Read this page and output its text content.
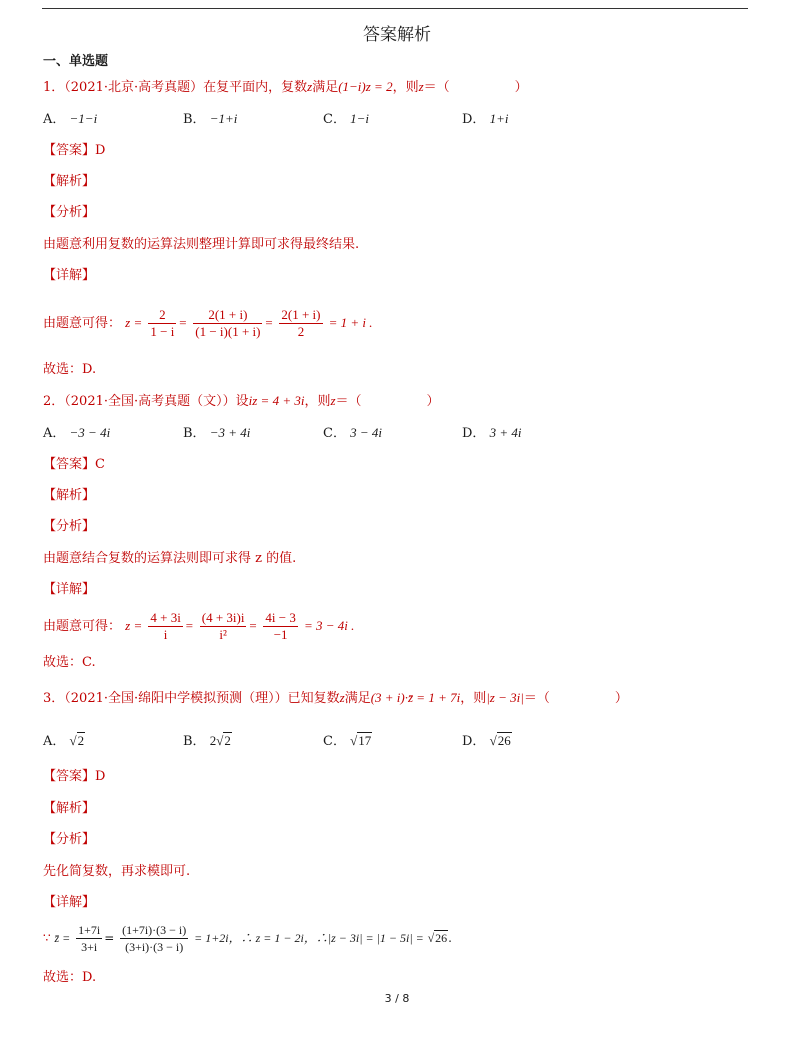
答案解析
一、单选题
1．（2021·北京·高考真题）在复平面内，复数z满足(1−i)z = 2，则z＝（　　　　　）
A． −1−i	B． −1+i	C． 1−i	D． 1+i
【答案】D
【解析】
【分析】
由题意利用复数的运算法则整理计算即可求得最终结果.
【详解】
由题意可得： $z = \frac{2}{1 - i} = \frac{2(1 + i)}{(1 - i)(1 + i)} = \frac{2(1 + i)}{2} = 1 + i$ .
故选：D.
2．（2021·全国·高考真题（文））设iz = 4 + 3i，则z＝（　　　　　）
A． −3 − 4i	B． −3 + 4i	C． 3 − 4i	D． 3 + 4i
【答案】C
【解析】
【分析】
由题意结合复数的运算法则即可求得 z 的值.
【详解】
由题意可得： $z = \frac{4 + 3i}{i} = \frac{(4 + 3i)i}{\text{i²}} = \frac{4i - 3}{-1} = 3 - 4i$ .
故选：C.
3．（2021·全国·绵阳中学模拟预测（理））已知复数z满足(3 + i)·z̄ = 1 + 7i，则|z − 3i|＝（　　　　　）
A． √2	B． 2√2	C． √17	D． √26
【答案】D
【解析】
【分析】
先化简复数，再求模即可.
【详解】
∵ z̄ = $\frac{1+7i}{3+i} = \frac{(1+7i)\cdot(3 - i)}{(3+i)\cdot(3 - i)} = 1+2i$，∴ z = 1 − 2i，∴|z − 3i| = |1 − 5i| = √26.
故选：D.
3 / 8
